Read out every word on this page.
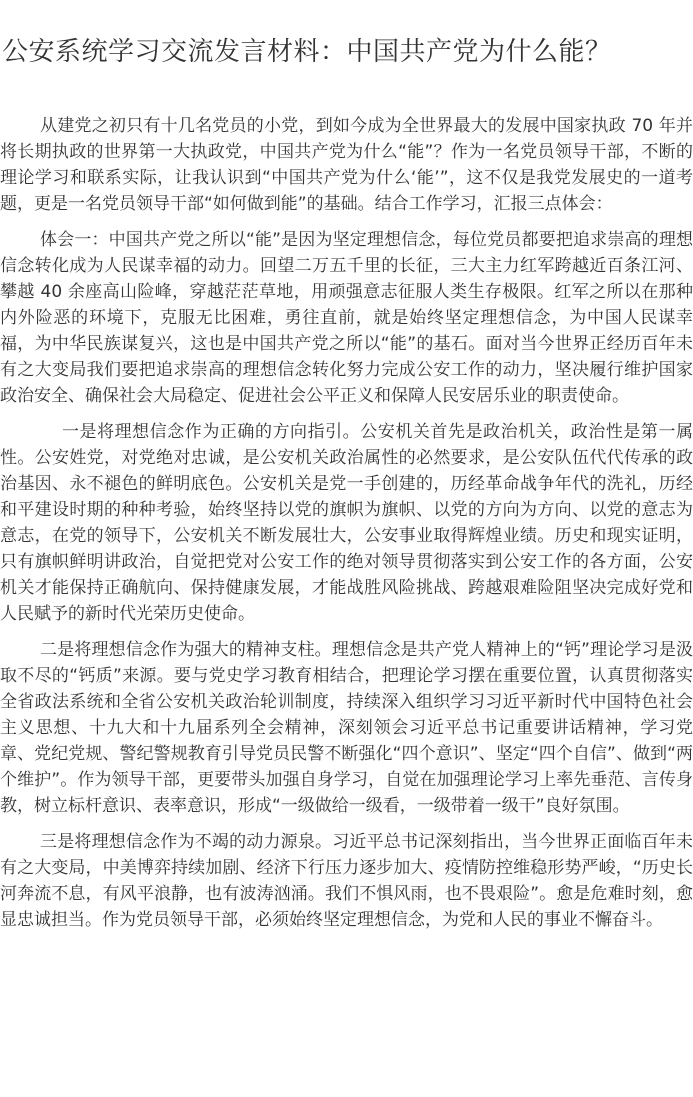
公安系统学习交流发言材料：中国共产党为什么能？

从建党之初只有十几名党员的小党，到如今成为全世界最大的发展中国家执政 70 年并将长期执政的世界第一大执政党，中国共产党为什么“能”？作为一名党员领导干部，不断的理论学习和联系实际，让我认识到“中国共产党为什么‘能’”，这不仅是我党发展史的一道考题，更是一名党员领导干部“如何做到能”的基础。结合工作学习，汇报三点体会：

体会一：中国共产党之所以“能”是因为坚定理想信念，每位党员都要把追求崇高的理想信念转化成为人民谋幸福的动力。回望二万五千里的长征，三大主力红军跨越近百条江河、攀越 40 余座高山险峰，穿越茫茫草地，用顽强意志征服人类生存极限。红军之所以在那种内外险恶的环境下，克服无比困难，勇往直前，就是始终坚定理想信念，为中国人民谋幸福，为中华民族谋复兴，这也是中国共产党之所以“能”的基石。面对当今世界正经历百年未有之大变局我们要把追求崇高的理想信念转化努力完成公安工作的动力，坚决履行维护国家政治安全、确保社会大局稳定、促进社会公平正义和保障人民安居乐业的职责使命。

一是将理想信念作为正确的方向指引。公安机关首先是政治机关，政治性是第一属性。公安姓党，对党绝对忠诚，是公安机关政治属性的必然要求，是公安队伍代代传承的政治基因、永不褪色的鲜明底色。公安机关是党一手创建的，历经革命战争年代的洗礼，历经和平建设时期的种种考验，始终坚持以党的旗帜为旗帜、以党的方向为方向、以党的意志为意志，在党的领导下，公安机关不断发展壮大，公安事业取得辉煌业绩。历史和现实证明，只有旗帜鲜明讲政治，自觉把党对公安工作的绝对领导贯彻落实到公安工作的各方面，公安机关才能保持正确航向、保持健康发展，才能战胜风险挑战、跨越艰难险阻坚决完成好党和人民赋予的新时代光荣历史使命。

二是将理想信念作为强大的精神支柱。理想信念是共产党人精神上的“钙”理论学习是汲取不尽的“钙质”来源。要与党史学习教育相结合，把理论学习摆在重要位置，认真贯彻落实全省政法系统和全省公安机关政治轮训制度，持续深入组织学习习近平新时代中国特色社会主义思想、十九大和十九届系列全会精神，深刻领会习近平总书记重要讲话精神，学习党章、党纪党规、警纪警规教育引导党员民警不断强化“四个意识”、坚定“四个自信”、做到“两个维护”。作为领导干部，更要带头加强自身学习，自觉在加强理论学习上率先垂范、言传身教，树立标杆意识、表率意识，形成“一级做给一级看，一级带着一级干”良好氛围。

三是将理想信念作为不竭的动力源泉。习近平总书记深刻指出，当今世界正面临百年未有之大变局，中美博弈持续加剧、经济下行压力逐步加大、疫情防控维稳形势严峻，“历史长河奔流不息，有风平浪静，也有波涛汹涌。我们不惧风雨，也不畏艰险”。愈是危难时刻，愈显忠诚担当。作为党员领导干部，必须始终坚定理想信念，为党和人民的事业不懈奋斗。
